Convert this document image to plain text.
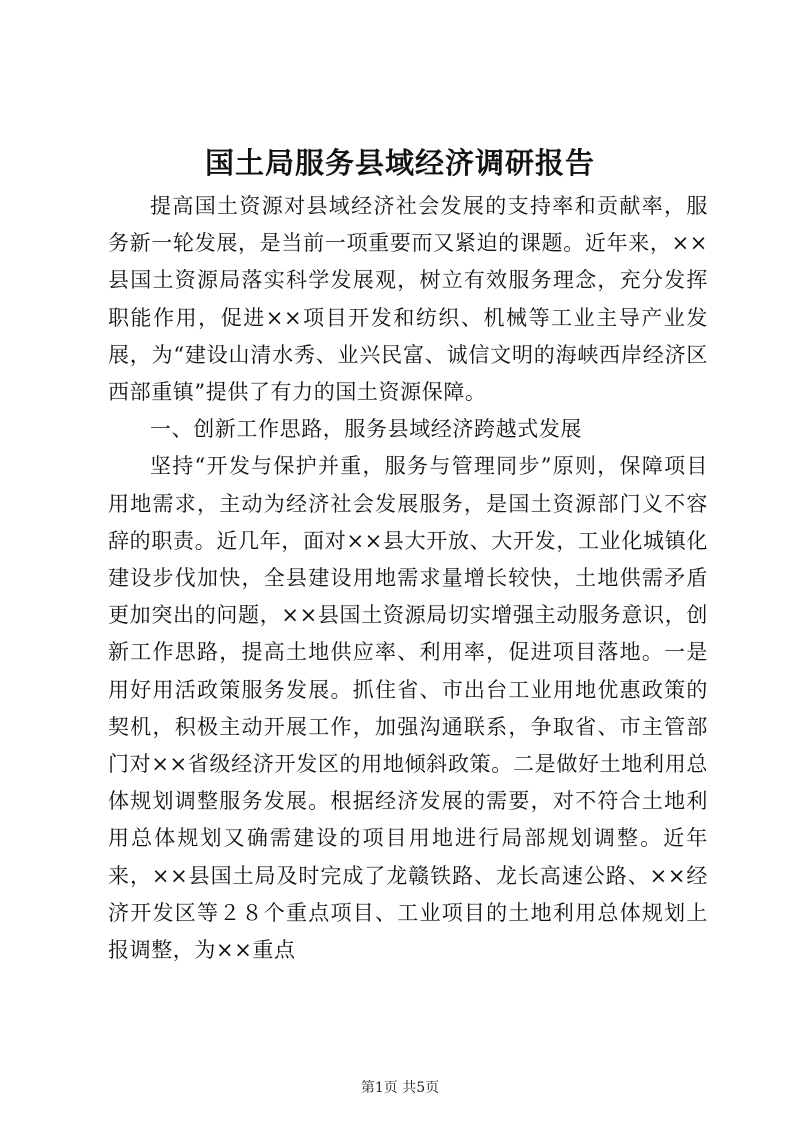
国土局服务县域经济调研报告

提高国土资源对县域经济社会发展的支持率和贡献率，服务新一轮发展，是当前一项重要而又紧迫的课题。近年来，××县国土资源局落实科学发展观，树立有效服务理念，充分发挥职能作用，促进××项目开发和纺织、机械等工业主导产业发展，为“建设山清水秀、业兴民富、诚信文明的海峡西岸经济区西部重镇”提供了有力的国土资源保障。

一、创新工作思路，服务县域经济跨越式发展

坚持“开发与保护并重，服务与管理同步”原则，保障项目用地需求，主动为经济社会发展服务，是国土资源部门义不容辞的职责。近几年，面对××县大开放、大开发，工业化城镇化建设步伐加快，全县建设用地需求量增长较快，土地供需矛盾更加突出的问题，××县国土资源局切实增强主动服务意识，创新工作思路，提高土地供应率、利用率，促进项目落地。一是用好用活政策服务发展。抓住省、市出台工业用地优惠政策的契机，积极主动开展工作，加强沟通联系，争取省、市主管部门对××省级经济开发区的用地倾斜政策。二是做好土地利用总体规划调整服务发展。根据经济发展的需要，对不符合土地利用总体规划又确需建设的项目用地进行局部规划调整。近年来，××县国土局及时完成了龙赣铁路、龙长高速公路、××经济开发区等２８个重点项目、工业项目的土地利用总体规划上报调整，为××重点

第1页 共5页
